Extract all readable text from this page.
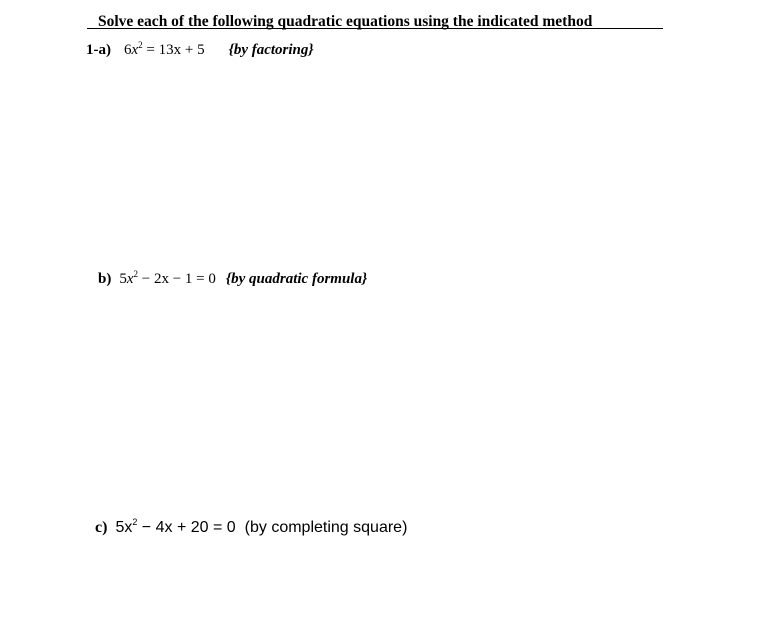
Solve each of the following quadratic equations using the indicated method
1-a) $6x^2 = 13x + 5$ {by factoring}
b) $5x^2 - 2x - 1 = 0$ {by quadratic formula}
c) $5x^2 - 4x + 20 = 0$ (by completing square)
